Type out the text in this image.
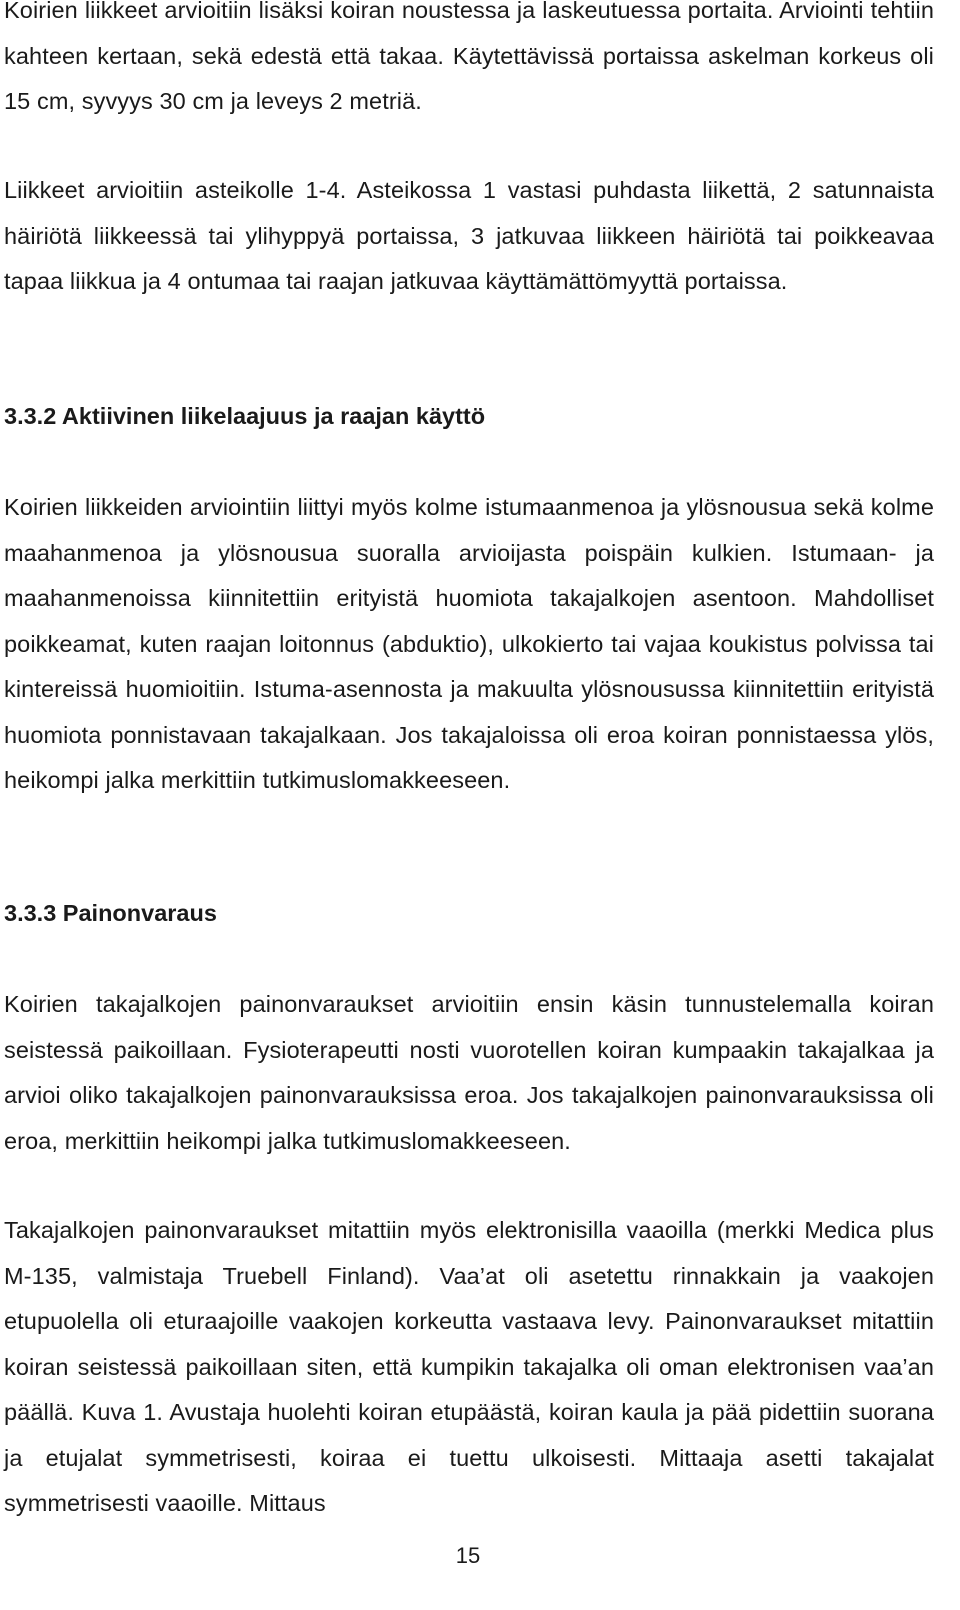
Koirien liikkeet arvioitiin lisäksi koiran noustessa ja laskeutuessa portaita. Arviointi tehtiin kahteen kertaan, sekä edestä että takaa. Käytettävissä portaissa askelman korkeus oli 15 cm, syvyys 30 cm ja leveys 2 metriä.

Liikkeet arvioitiin asteikolle 1-4. Asteikossa 1 vastasi puhdasta liikettä, 2 satunnaista häiriötä liikkeessä tai ylihyppyä portaissa, 3 jatkuvaa liikkeen häiriötä tai poikkeavaa tapaa liikkua ja 4 ontumaa tai raajan jatkuvaa käyttämättömyyttä portaissa.

3.3.2 Aktiivinen liikelaajuus ja raajan käyttö

Koirien liikkeiden arviointiin liittyi myös kolme istumaanmenoa ja ylösnousua sekä kolme maahanmenoa ja ylösnousua suoralla arvioijasta poispäin kulkien. Istumaan- ja maahanmenoissa kiinnitettiin erityistä huomiota takajalkojen asentoon. Mahdolliset poikkeamat, kuten raajan loitonnus (abduktio), ulkokierto tai vajaa koukistus polvissa tai kintereissä huomioitiin. Istuma-asennosta ja makuulta ylösnousussa kiinnitettiin erityistä huomiota ponnistavaan takajalkaan. Jos takajaloissa oli eroa koiran ponnistaessa ylös, heikompi jalka merkittiin tutkimuslomakkeeseen.

3.3.3 Painonvaraus

Koirien takajalkojen painonvaraukset arvioitiin ensin käsin tunnustelemalla koiran seistessä paikoillaan. Fysioterapeutti nosti vuorotellen koiran kumpaakin takajalkaa ja arvioi oliko takajalkojen painonvarauksissa eroa. Jos takajalkojen painonvarauksissa oli eroa, merkittiin heikompi jalka tutkimuslomakkeeseen.

Takajalkojen painonvaraukset mitattiin myös elektronisilla vaaoilla (merkki Medica plus M-135, valmistaja Truebell Finland). Vaa’at oli asetettu rinnakkain ja vaakojen etupuolella oli eturaajoille vaakojen korkeutta vastaava levy. Painonvaraukset mitattiin koiran seistessä paikoillaan siten, että kumpikin takajalka oli oman elektronisen vaa’an päällä. Kuva 1. Avustaja huolehti koiran etupäästä, koiran kaula ja pää pidettiin suorana ja etujalat symmetrisesti, koiraa ei tuettu ulkoisesti. Mittaaja asetti takajalat symmetrisesti vaaoille. Mittaus

15
